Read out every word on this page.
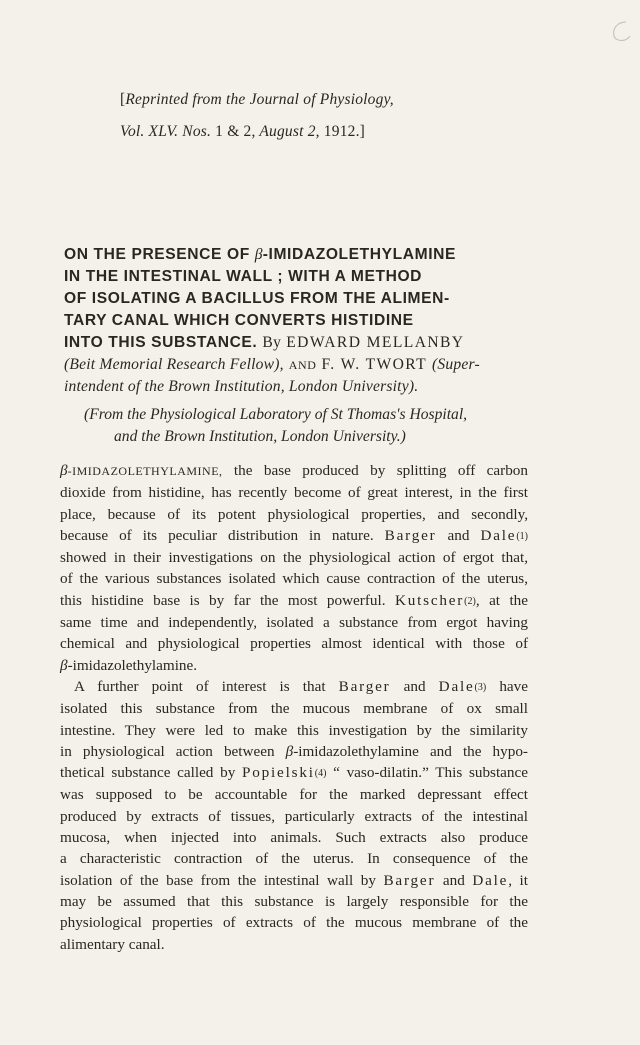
[Reprinted from the Journal of Physiology,
Vol. XLV. Nos. 1 & 2, August 2, 1912.]
ON THE PRESENCE OF β-IMIDAZOLETHYLAMINE
IN THE INTESTINAL WALL ; WITH A METHOD
OF ISOLATING A BACILLUS FROM THE ALIMEN-
TARY CANAL WHICH CONVERTS HISTIDINE
INTO THIS SUBSTANCE. By EDWARD MELLANBY
(Beit Memorial Research Fellow), AND F. W. TWORT (Super-
intendent of the Brown Institution, London University).
(From the Physiological Laboratory of St Thomas's Hospital,
and the Brown Institution, London University.)
β-IMIDAZOLETHYLAMINE, the base produced by splitting off carbon
dioxide from histidine, has recently become of great interest, in the first
place, because of its potent physiological properties, and secondly,
because of its peculiar distribution in nature. Barger and Dale(1)
showed in their investigations on the physiological action of ergot that,
of the various substances isolated which cause contraction of the uterus,
this histidine base is by far the most powerful. Kutscher(2), at the
same time and independently, isolated a substance from ergot having
chemical and physiological properties almost identical with those of
β-imidazolethylamine.
A further point of interest is that Barger and Dale(3) have
isolated this substance from the mucous membrane of ox small
intestine. They were led to make this investigation by the similarity
in physiological action between β-imidazolethylamine and the hypo-
thetical substance called by Popielski(4) “ vaso-dilatin.” This substance
was supposed to be accountable for the marked depressant effect
produced by extracts of tissues, particularly extracts of the intestinal
mucosa, when injected into animals. Such extracts also produce
a characteristic contraction of the uterus. In consequence of the
isolation of the base from the intestinal wall by Barger and Dale, it
may be assumed that this substance is largely responsible for the
physiological properties of extracts of the mucous membrane of the
alimentary canal.
